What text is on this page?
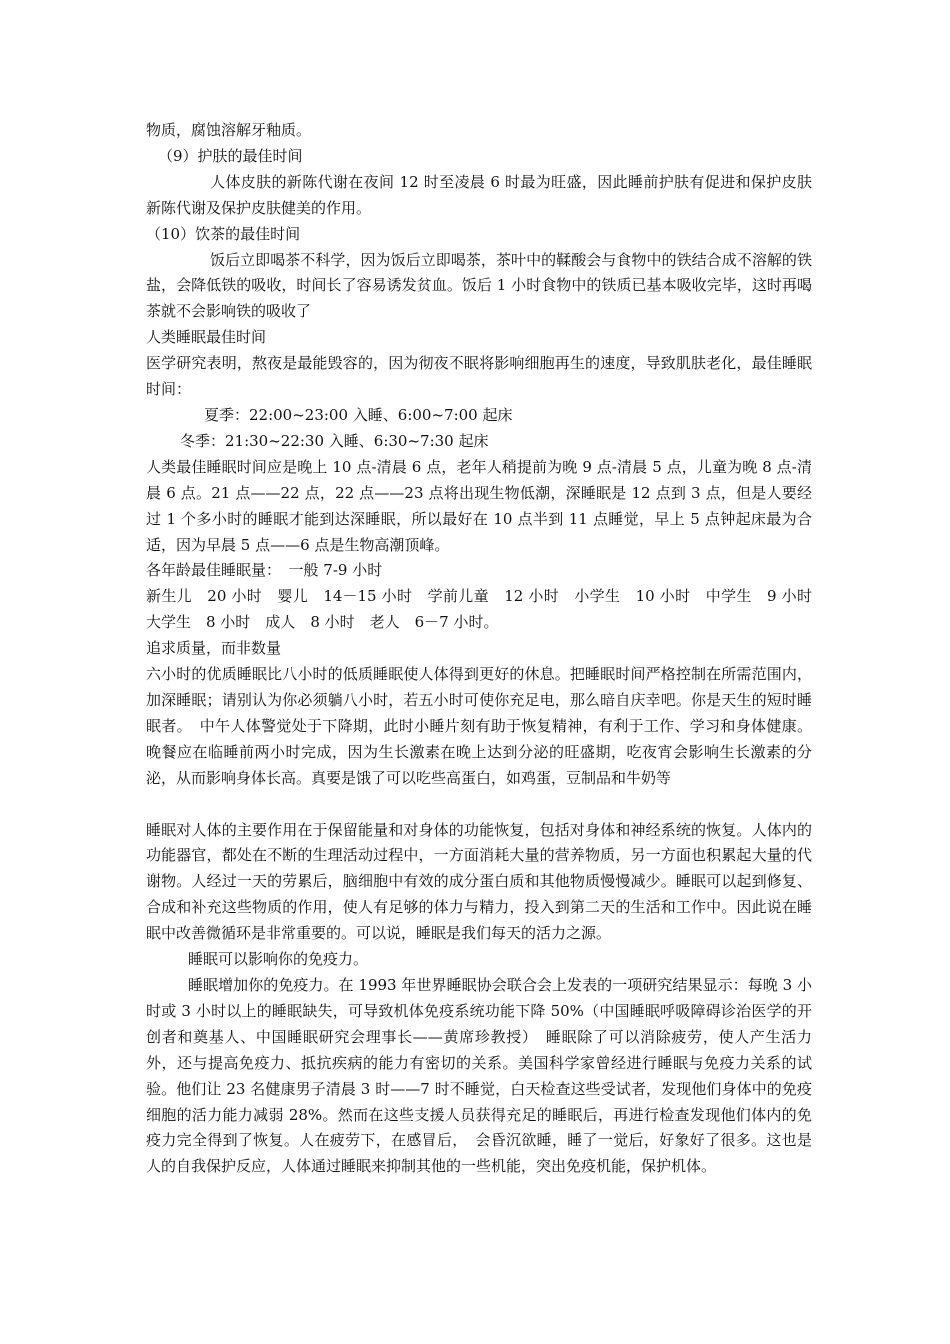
物质，腐蚀溶解牙釉质。

（9）护肤的最佳时间

人体皮肤的新陈代谢在夜间 12 时至凌晨 6 时最为旺盛，因此睡前护肤有促进和保护皮肤新陈代谢及保护皮肤健美的作用。

（10）饮茶的最佳时间

饭后立即喝茶不科学，因为饭后立即喝茶，茶叶中的鞣酸会与食物中的铁结合成不溶解的铁盐，会降低铁的吸收，时间长了容易诱发贫血。饭后 1 小时食物中的铁质已基本吸收完毕，这时再喝茶就不会影响铁的吸收了

人类睡眠最佳时间

医学研究表明，熬夜是最能毁容的，因为彻夜不眠将影响细胞再生的速度，导致肌肤老化，最佳睡眠时间：

夏季：22:00~23:00 入睡、6:00~7:00 起床

冬季：21:30~22:30 入睡、6:30~7:30 起床

人类最佳睡眠时间应是晚上 10 点-清晨 6 点，老年人稍提前为晚 9 点-清晨 5 点，儿童为晚 8 点-清晨 6 点。21 点——22 点，22 点——23 点将出现生物低潮，深睡眠是 12 点到 3 点，但是人要经过 1 个多小时的睡眠才能到达深睡眠，所以最好在 10 点半到 11 点睡觉，早上 5 点钟起床最为合适，因为早晨 5 点——6 点是生物高潮顶峰。

各年龄最佳睡眠量：　一般 7-9 小时

新生儿　20 小时　婴儿　14－15 小时　学前儿童　12 小时　小学生　10 小时　中学生　9 小时　大学生　8 小时　成人　8 小时　老人　6－7 小时。

追求质量，而非数量

六小时的优质睡眠比八小时的低质睡眠使人体得到更好的休息。把睡眠时间严格控制在所需范围内，加深睡眠；请别认为你必须躺八小时，若五小时可使你充足电，那么暗自庆幸吧。你是天生的短时睡眠者。　中午人体警觉处于下降期，此时小睡片刻有助于恢复精神，有利于工作、学习和身体健康。晚餐应在临睡前两小时完成，因为生长激素在晚上达到分泌的旺盛期，吃夜宵会影响生长激素的分泌，从而影响身体长高。真要是饿了可以吃些高蛋白，如鸡蛋，豆制品和牛奶等

睡眠对人体的主要作用在于保留能量和对身体的功能恢复，包括对身体和神经系统的恢复。人体内的功能器官，都处在不断的生理活动过程中，一方面消耗大量的营养物质，另一方面也积累起大量的代谢物。人经过一天的劳累后，脑细胞中有效的成分蛋白质和其他物质慢慢减少。睡眠可以起到修复、合成和补充这些物质的作用，使人有足够的体力与精力，投入到第二天的生活和工作中。因此说在睡眠中改善微循环是非常重要的。可以说，睡眠是我们每天的活力之源。

睡眠可以影响你的免疫力。

睡眠增加你的免疫力。在 1993 年世界睡眠协会联合会上发表的一项研究结果显示：每晚 3 小时或 3 小时以上的睡眠缺失，可导致机体免疫系统功能下降 50%（中国睡眠呼吸障碍诊治医学的开创者和奠基人、中国睡眠研究会理事长——黄席珍教授）　睡眠除了可以消除疲劳，使人产生活力外，还与提高免疫力、抵抗疾病的能力有密切的关系。美国科学家曾经进行睡眠与免疫力关系的试验。他们让 23 名健康男子清晨 3 时——7 时不睡觉，白天检查这些受试者，发现他们身体中的免疫细胞的活力能力减弱 28%。然而在这些支援人员获得充足的睡眠后，再进行检查发现他们体内的免疫力完全得到了恢复。人在疲劳下，在感冒后，　会昏沉欲睡，睡了一觉后，好象好了很多。这也是人的自我保护反应，人体通过睡眠来抑制其他的一些机能，突出免疫机能，保护机体。
